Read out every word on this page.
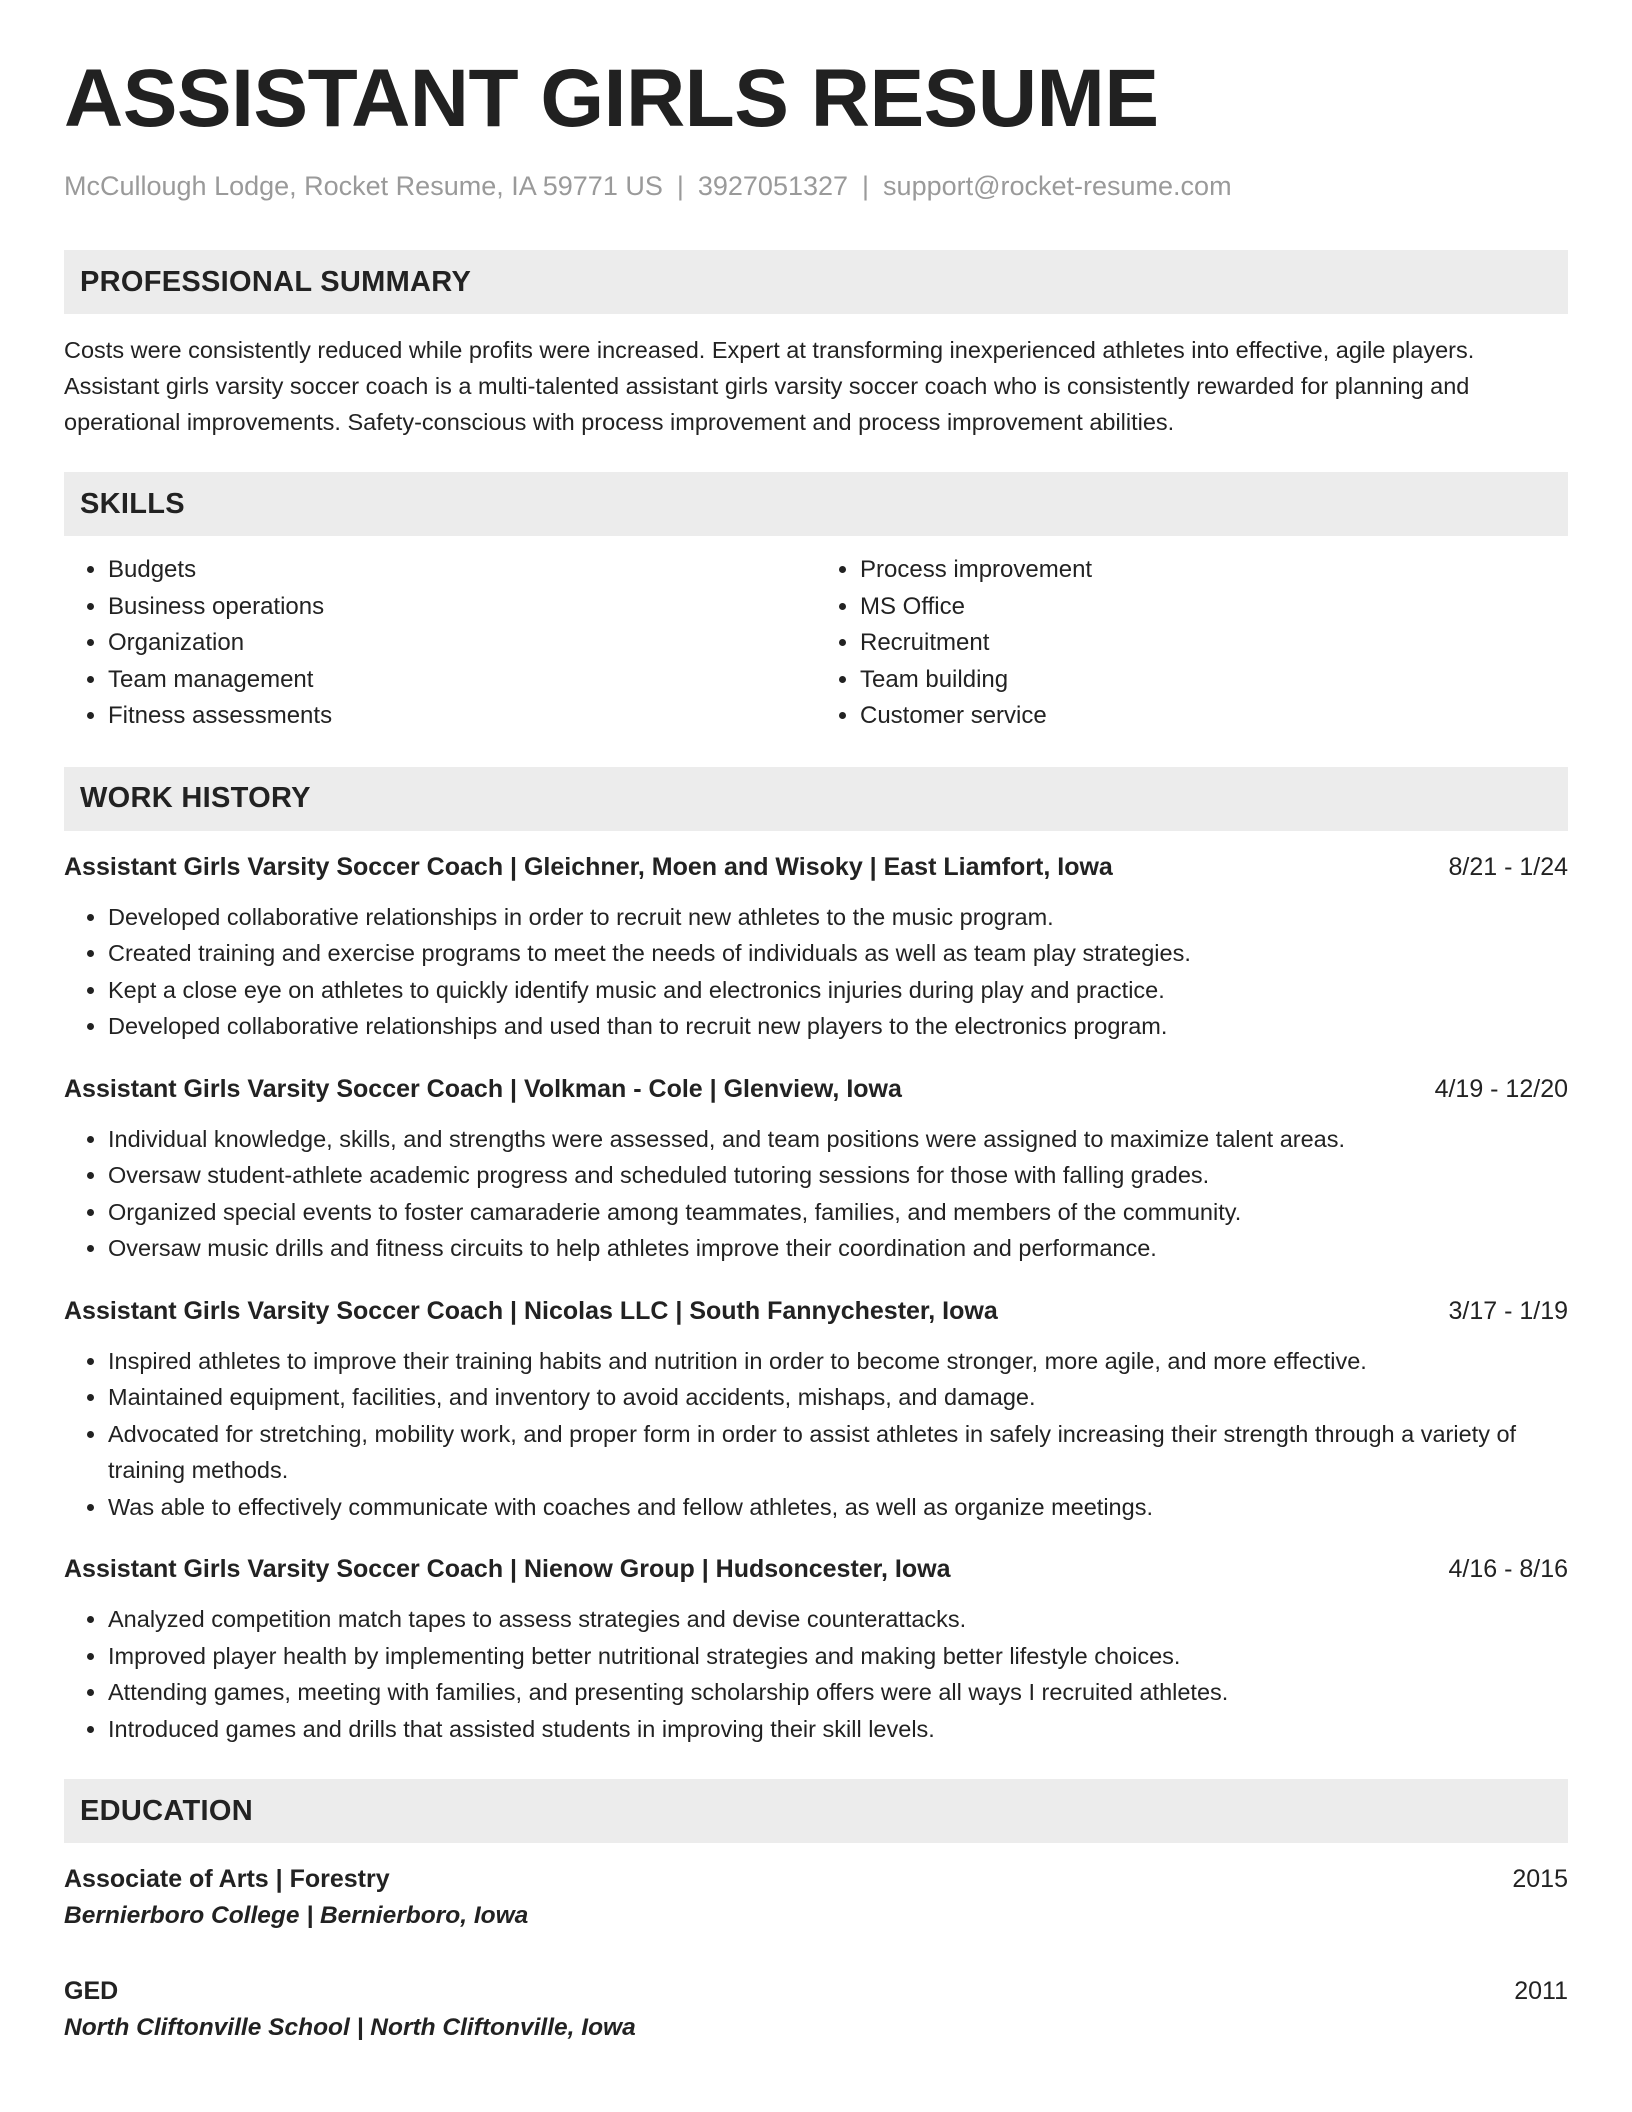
ASSISTANT GIRLS RESUME
McCullough Lodge, Rocket Resume, IA 59771 US | 3927051327 | support@rocket-resume.com
PROFESSIONAL SUMMARY
Costs were consistently reduced while profits were increased. Expert at transforming inexperienced athletes into effective, agile players. Assistant girls varsity soccer coach is a multi-talented assistant girls varsity soccer coach who is consistently rewarded for planning and operational improvements. Safety-conscious with process improvement and process improvement abilities.
SKILLS
• Budgets
• Business operations
• Organization
• Team management
• Fitness assessments
• Process improvement
• MS Office
• Recruitment
• Team building
• Customer service
WORK HISTORY
Assistant Girls Varsity Soccer Coach | Gleichner, Moen and Wisoky | East Liamfort, Iowa	8/21 - 1/24
• Developed collaborative relationships in order to recruit new athletes to the music program.
• Created training and exercise programs to meet the needs of individuals as well as team play strategies.
• Kept a close eye on athletes to quickly identify music and electronics injuries during play and practice.
• Developed collaborative relationships and used than to recruit new players to the electronics program.
Assistant Girls Varsity Soccer Coach | Volkman - Cole | Glenview, Iowa	4/19 - 12/20
• Individual knowledge, skills, and strengths were assessed, and team positions were assigned to maximize talent areas.
• Oversaw student-athlete academic progress and scheduled tutoring sessions for those with falling grades.
• Organized special events to foster camaraderie among teammates, families, and members of the community.
• Oversaw music drills and fitness circuits to help athletes improve their coordination and performance.
Assistant Girls Varsity Soccer Coach | Nicolas LLC | South Fannychester, Iowa	3/17 - 1/19
• Inspired athletes to improve their training habits and nutrition in order to become stronger, more agile, and more effective.
• Maintained equipment, facilities, and inventory to avoid accidents, mishaps, and damage.
• Advocated for stretching, mobility work, and proper form in order to assist athletes in safely increasing their strength through a variety of training methods.
• Was able to effectively communicate with coaches and fellow athletes, as well as organize meetings.
Assistant Girls Varsity Soccer Coach | Nienow Group | Hudsoncester, Iowa	4/16 - 8/16
• Analyzed competition match tapes to assess strategies and devise counterattacks.
• Improved player health by implementing better nutritional strategies and making better lifestyle choices.
• Attending games, meeting with families, and presenting scholarship offers were all ways I recruited athletes.
• Introduced games and drills that assisted students in improving their skill levels.
EDUCATION
Associate of Arts | Forestry	2015
Bernierboro College | Bernierboro, Iowa
GED	2011
North Cliftonville School | North Cliftonville, Iowa
